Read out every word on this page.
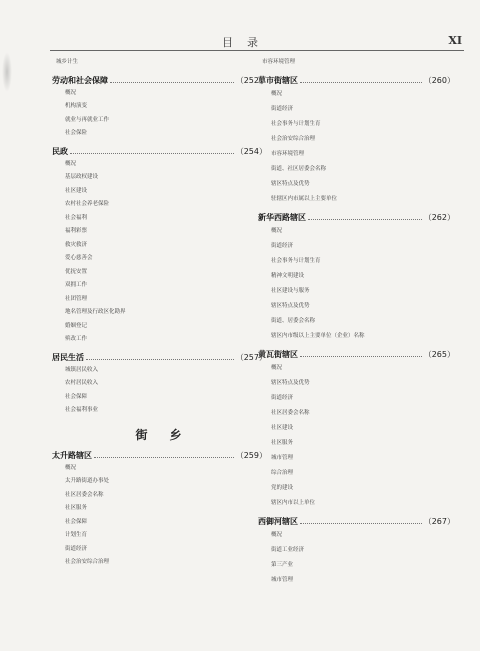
目录	XI
城乡计生
劳动和社会保障	（252）
概况
机构演变
就业与再就业工作
社会保险
民政	（254）
概况
基层政权建设
社区建设
农村社会养老保险
社会福利
福利彩票
救灾救济
爱心慈善会
优抚安置
双拥工作
社团管理
地名管理及行政区化勘界
婚姻登记
殡改工作
居民生活	（257）
城镇居民收入
农村居民收入
社会保障
社会福利事业
街乡
太升路辖区	（259）
概况
太升路街道办事处
社区居委会名称
社区服务
社会保障
计划生育
街道经济
社会治安综合治理
市容环境管理
草市街辖区	（260）
概况
街道经济
社会事务与计划生育
社会治安综合治理
市容环境管理
街道、社区居委会名称
辖区特点及优势
驻辖区内市属以上主要单位
新华西路辖区	（262）
概况
街道经济
社会事务与计划生育
精神文明建设
社区建设与服务
辖区特点及优势
街道、居委会名称
辖区内市级以上主要单位（企业）名称
黄瓦街辖区	（265）
概况
辖区特点及优势
街道经济
社区居委会名称
社区建设
社区服务
城市管理
综合治理
党的建设
辖区内市以上单位
西御河辖区	（267）
概况
街道工业经济
第三产业
城市管理
